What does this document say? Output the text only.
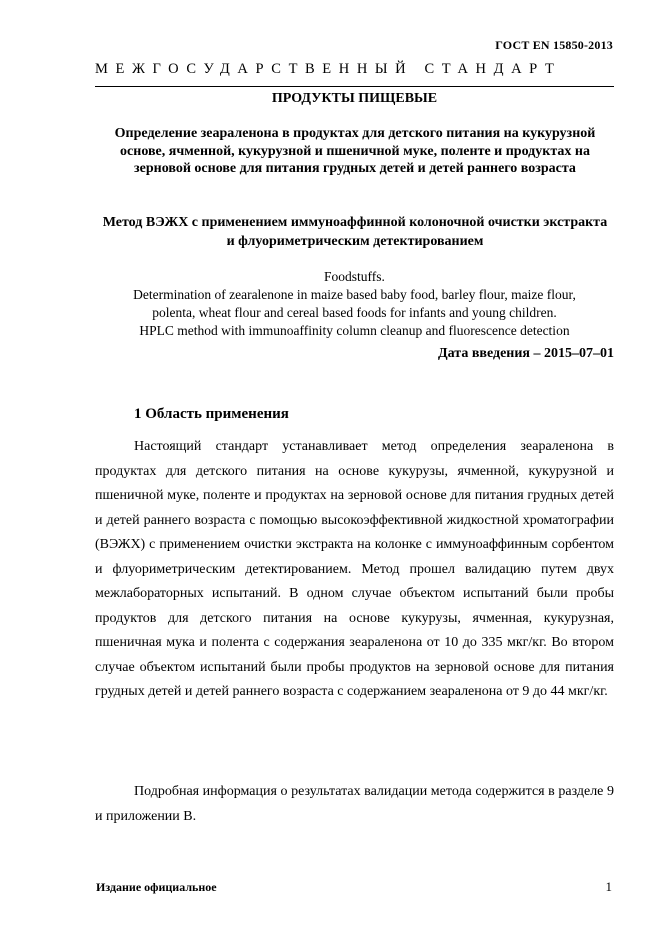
ГОСТ EN 15850-2013
МЕЖГОСУДАРСТВЕННЫЙ СТАНДАРТ
ПРОДУКТЫ ПИЩЕВЫЕ
Определение зеараленона в продуктах для детского питания на кукурузной основе, ячменной, кукурузной и пшеничной муке, поленте и продуктах на зерновой основе для питания грудных детей и детей раннего возраста
Метод ВЭЖХ с применением иммуноаффинной колоночной очистки экстракта и флуориметрическим детектированием
Foodstuffs.
Determination of zearalenone in maize based baby food, barley flour, maize flour,
polenta, wheat flour and cereal based foods for infants and young children.
HPLC method with immunoaffinity column cleanup and fluorescence detection
Дата введения – 2015–07–01
1 Область применения
Настоящий стандарт устанавливает метод определения зеараленона в продуктах для детского питания на основе кукурузы, ячменной, кукурузной и пшеничной муке, поленте и продуктах на зерновой основе для питания грудных детей и детей раннего возраста с помощью высокоэффективной жидкостной хроматографии (ВЭЖХ) с применением очистки экстракта на колонке с иммуноаффинным сорбентом и флуориметрическим детектированием. Метод прошел валидацию путем двух межлабораторных испытаний. В одном случае объектом испытаний были пробы продуктов для детского питания на основе кукурузы, ячменная, кукурузная, пшеничная мука и полента с содержания зеараленона от 10 до 335 мкг/кг. Во втором случае объектом испытаний были пробы продуктов на зерновой основе для питания грудных детей и детей раннего возраста с содержанием зеараленона от 9 до 44 мкг/кг.
Подробная информация о результатах валидации метода содержится в разделе 9 и приложении В.
Издание официальное	1
